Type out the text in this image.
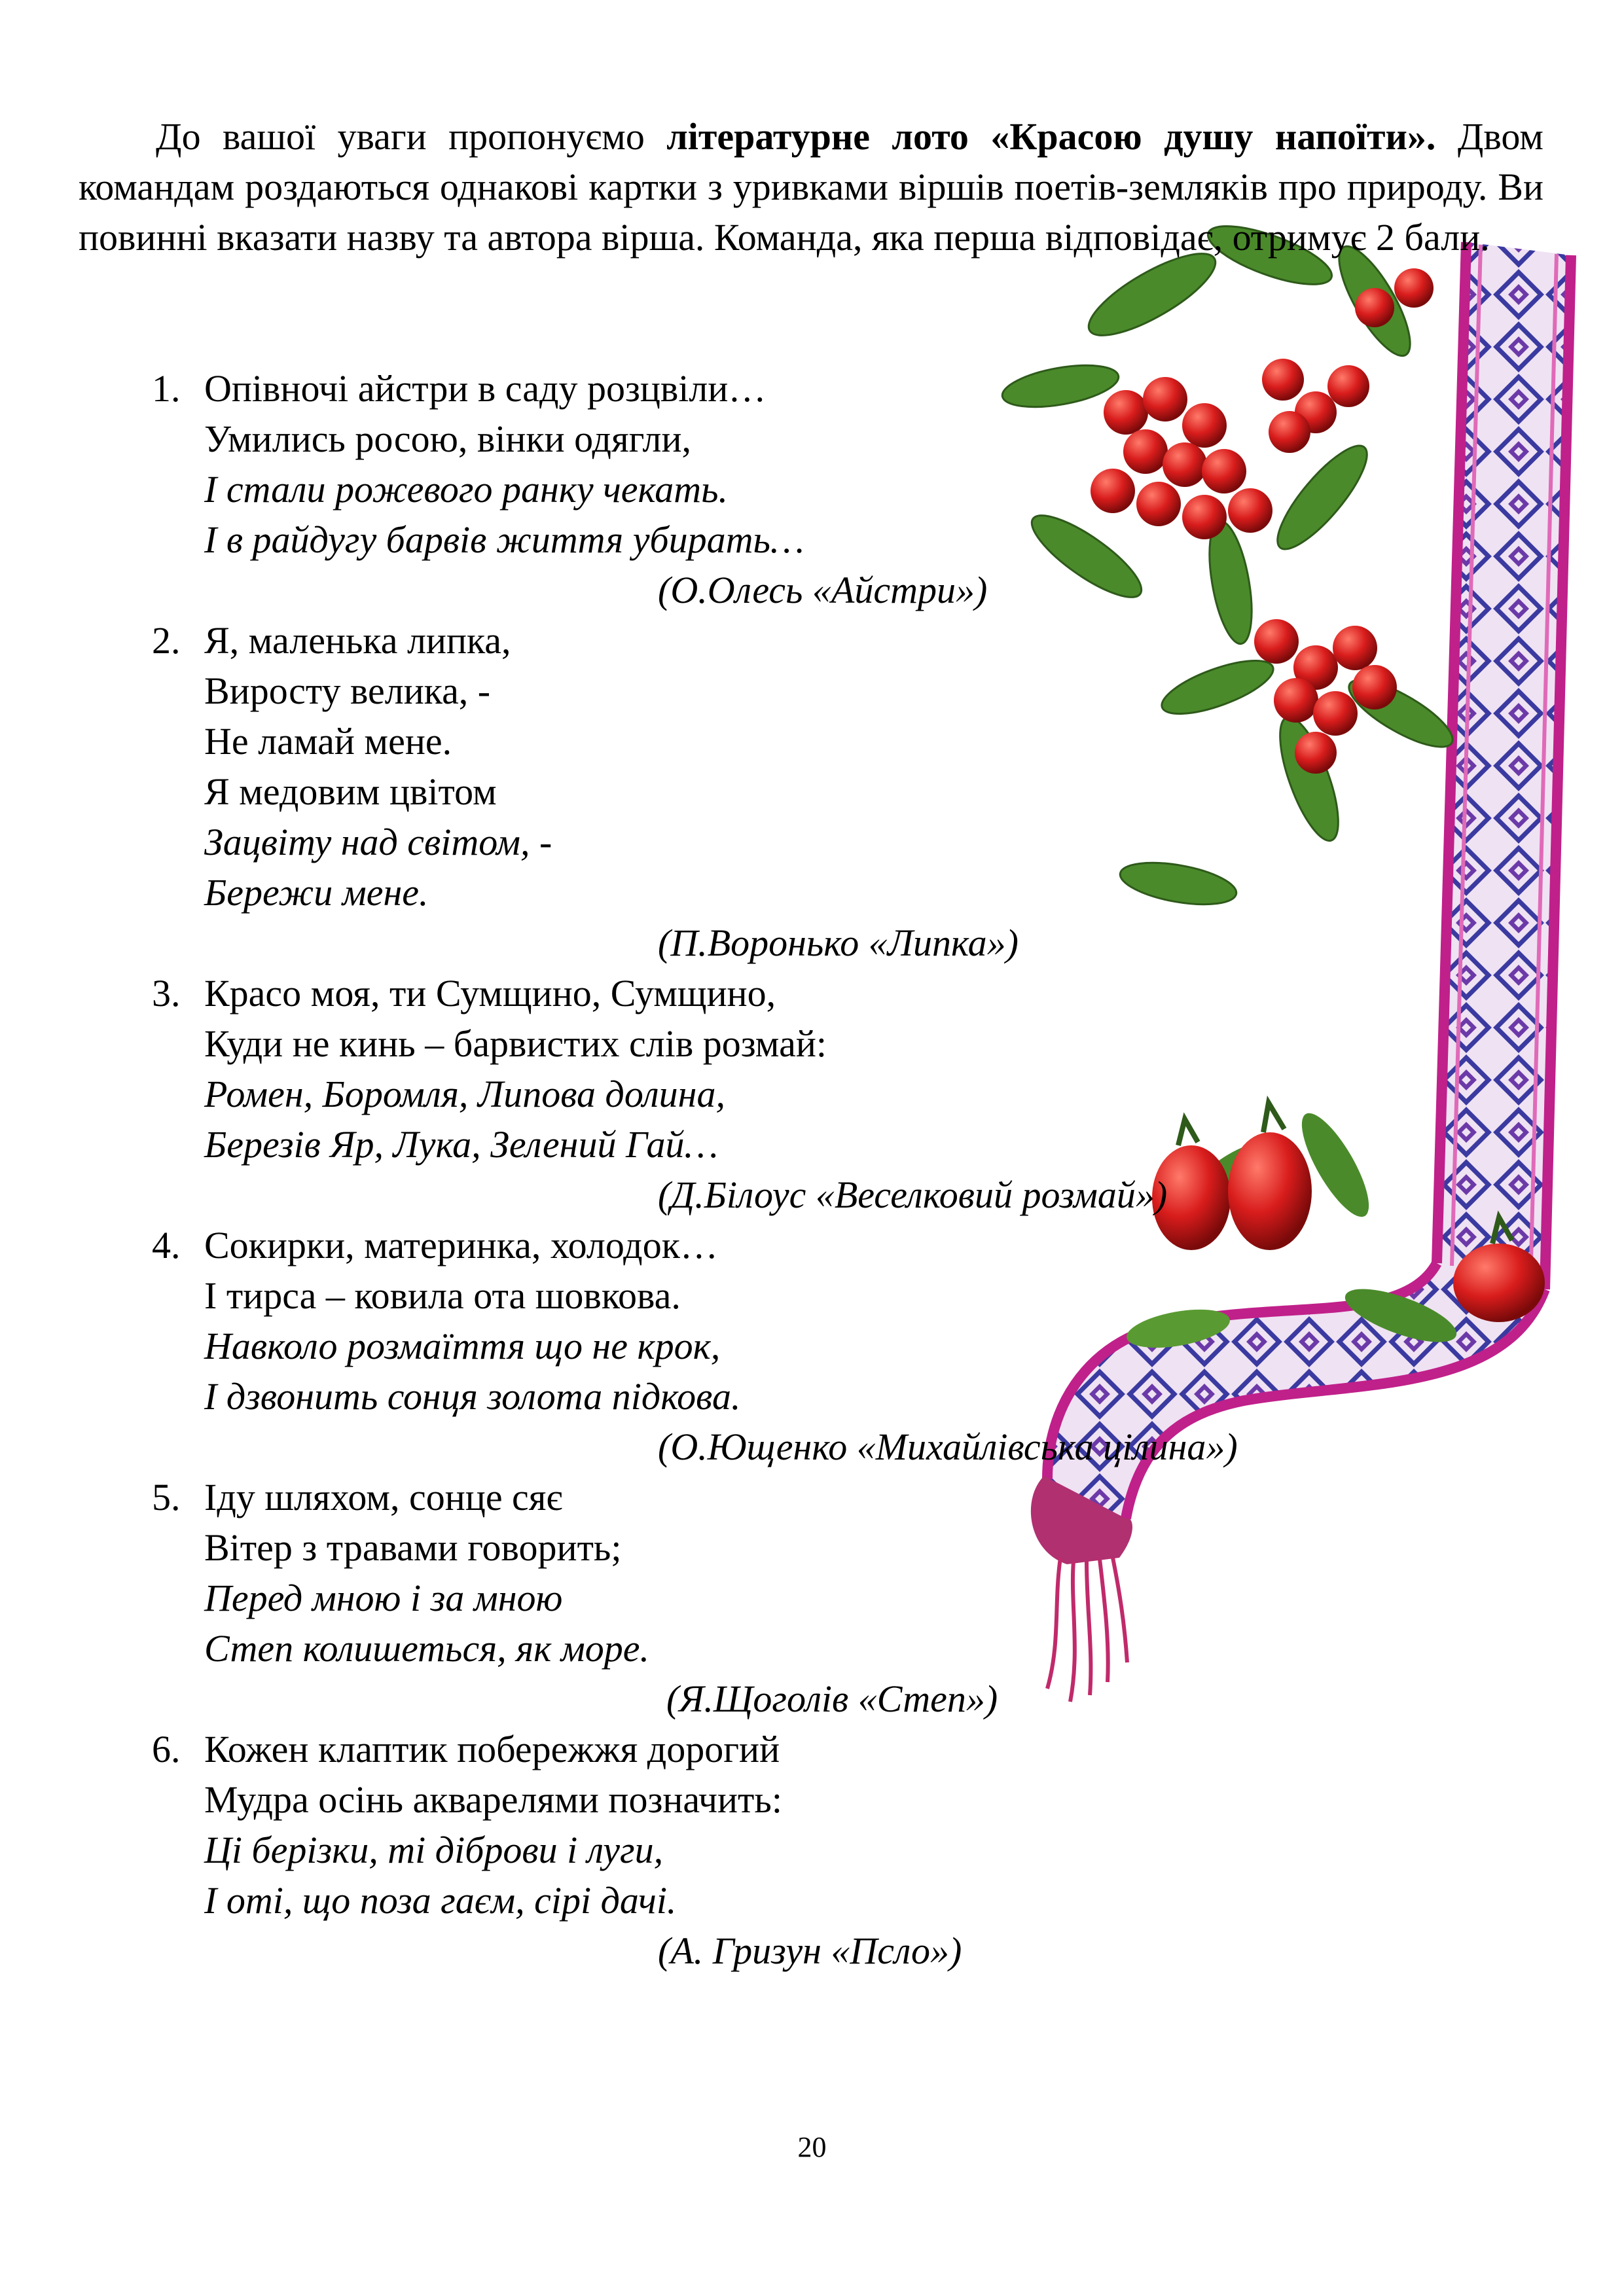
До вашої уваги пропонуємо літературне лото «Красою душу напоїти». Двом командам роздаються однакові картки з уривками віршів поетів-земляків про природу. Ви повинні вказати назву та автора вірша. Команда, яка перша відповідає, отримує 2 бали.

1. Опівночі айстри в саду розцвіли…
Умились росою, вінки одягли,
І стали рожевого ранку чекать.
І в райдугу барвів життя убирать…
(О.Олесь «Айстри»)
2. Я, маленька липка,
Виросту велика, -
Не ламай мене.
Я медовим цвітом
Зацвіту над світом, -
Бережи мене.
(П.Воронько «Липка»)
3. Красо моя, ти Сумщино, Сумщино,
Куди не кинь – барвистих слів розмай:
Ромен, Боромля, Липова долина,
Березів Яр, Лука, Зелений Гай…
(Д.Білоус «Веселковий розмай»)
4. Сокирки, материнка, холодок…
І тирса – ковила ота шовкова.
Навколо розмаїття що не крок,
І дзвонить сонця золота підкова.
(О.Ющенко «Михайлівська цілина»)
5. Іду шляхом, сонце сяє
Вітер з травами говорить;
Перед мною і за мною
Степ колишеться, як море.
(Я.Щоголів «Степ»)
6. Кожен клаптик побережжя дорогий
Мудра осінь акварелями позначить:
Ці берізки, ті діброви і луги,
І оті, що поза гаєм, сірі дачі.
(А. Гризун «Псло»)
20
